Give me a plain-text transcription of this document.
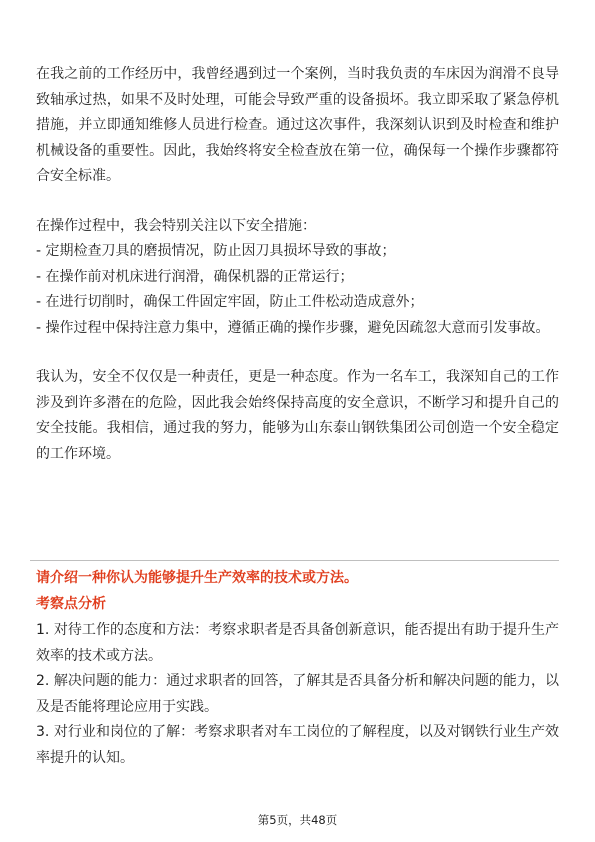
在我之前的工作经历中，我曾经遇到过一个案例，当时我负责的车床因为润滑不良导致轴承过热，如果不及时处理，可能会导致严重的设备损坏。我立即采取了紧急停机措施，并立即通知维修人员进行检查。通过这次事件，我深刻认识到及时检查和维护机械设备的重要性。因此，我始终将安全检查放在第一位，确保每一个操作步骤都符合安全标准。

在操作过程中，我会特别关注以下安全措施：

- 定期检查刀具的磨损情况，防止因刀具损坏导致的事故；

- 在操作前对机床进行润滑，确保机器的正常运行；

- 在进行切削时，确保工件固定牢固，防止工件松动造成意外；

- 操作过程中保持注意力集中，遵循正确的操作步骤，避免因疏忽大意而引发事故。

我认为，安全不仅仅是一种责任，更是一种态度。作为一名车工，我深知自己的工作涉及到许多潜在的危险，因此我会始终保持高度的安全意识，不断学习和提升自己的安全技能。我相信，通过我的努力，能够为山东泰山钢铁集团公司创造一个安全稳定的工作环境。

请介绍一种你认为能够提升生产效率的技术或方法。

考察点分析

1. 对待工作的态度和方法：考察求职者是否具备创新意识，能否提出有助于提升生产效率的技术或方法。

2. 解决问题的能力：通过求职者的回答，了解其是否具备分析和解决问题的能力，以及是否能将理论应用于实践。

3. 对行业和岗位的了解：考察求职者对车工岗位的了解程度，以及对钢铁行业生产效率提升的认知。

第5页，共48页
